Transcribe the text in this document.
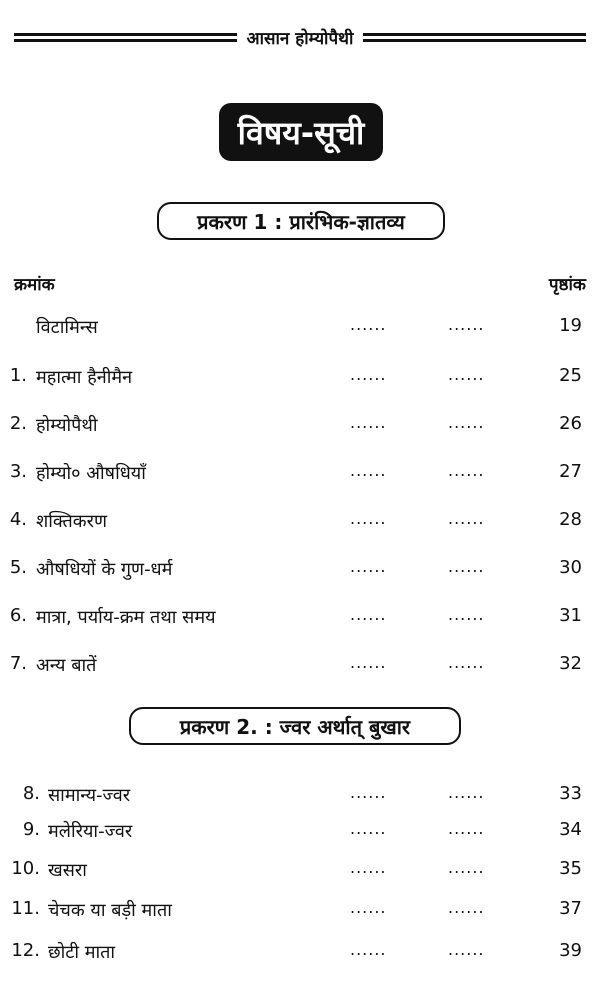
आसान होम्योपैथी
विषय-सूची
प्रकरण 1 : प्रारंभिक-ज्ञातव्य
क्रमांक	पृष्ठांक
विटामिन्स	......	......	19
1. महात्मा हैनीमैन	......	......	25
2. होम्योपैथी	......	......	26
3. होम्यो० औषधियाँ	......	......	27
4. शक्तिकरण	......	......	28
5. औषधियों के गुण-धर्म	......	......	30
6. मात्रा, पर्याय-क्रम तथा समय	......	......	31
7. अन्य बातें	......	......	32
प्रकरण 2. : ज्वर अर्थात् बुखार
8. सामान्य-ज्वर	......	......	33
9. मलेरिया-ज्वर	......	......	34
10. खसरा	......	......	35
11. चेचक या बड़ी माता	......	......	37
12. छोटी माता	......	......	39
